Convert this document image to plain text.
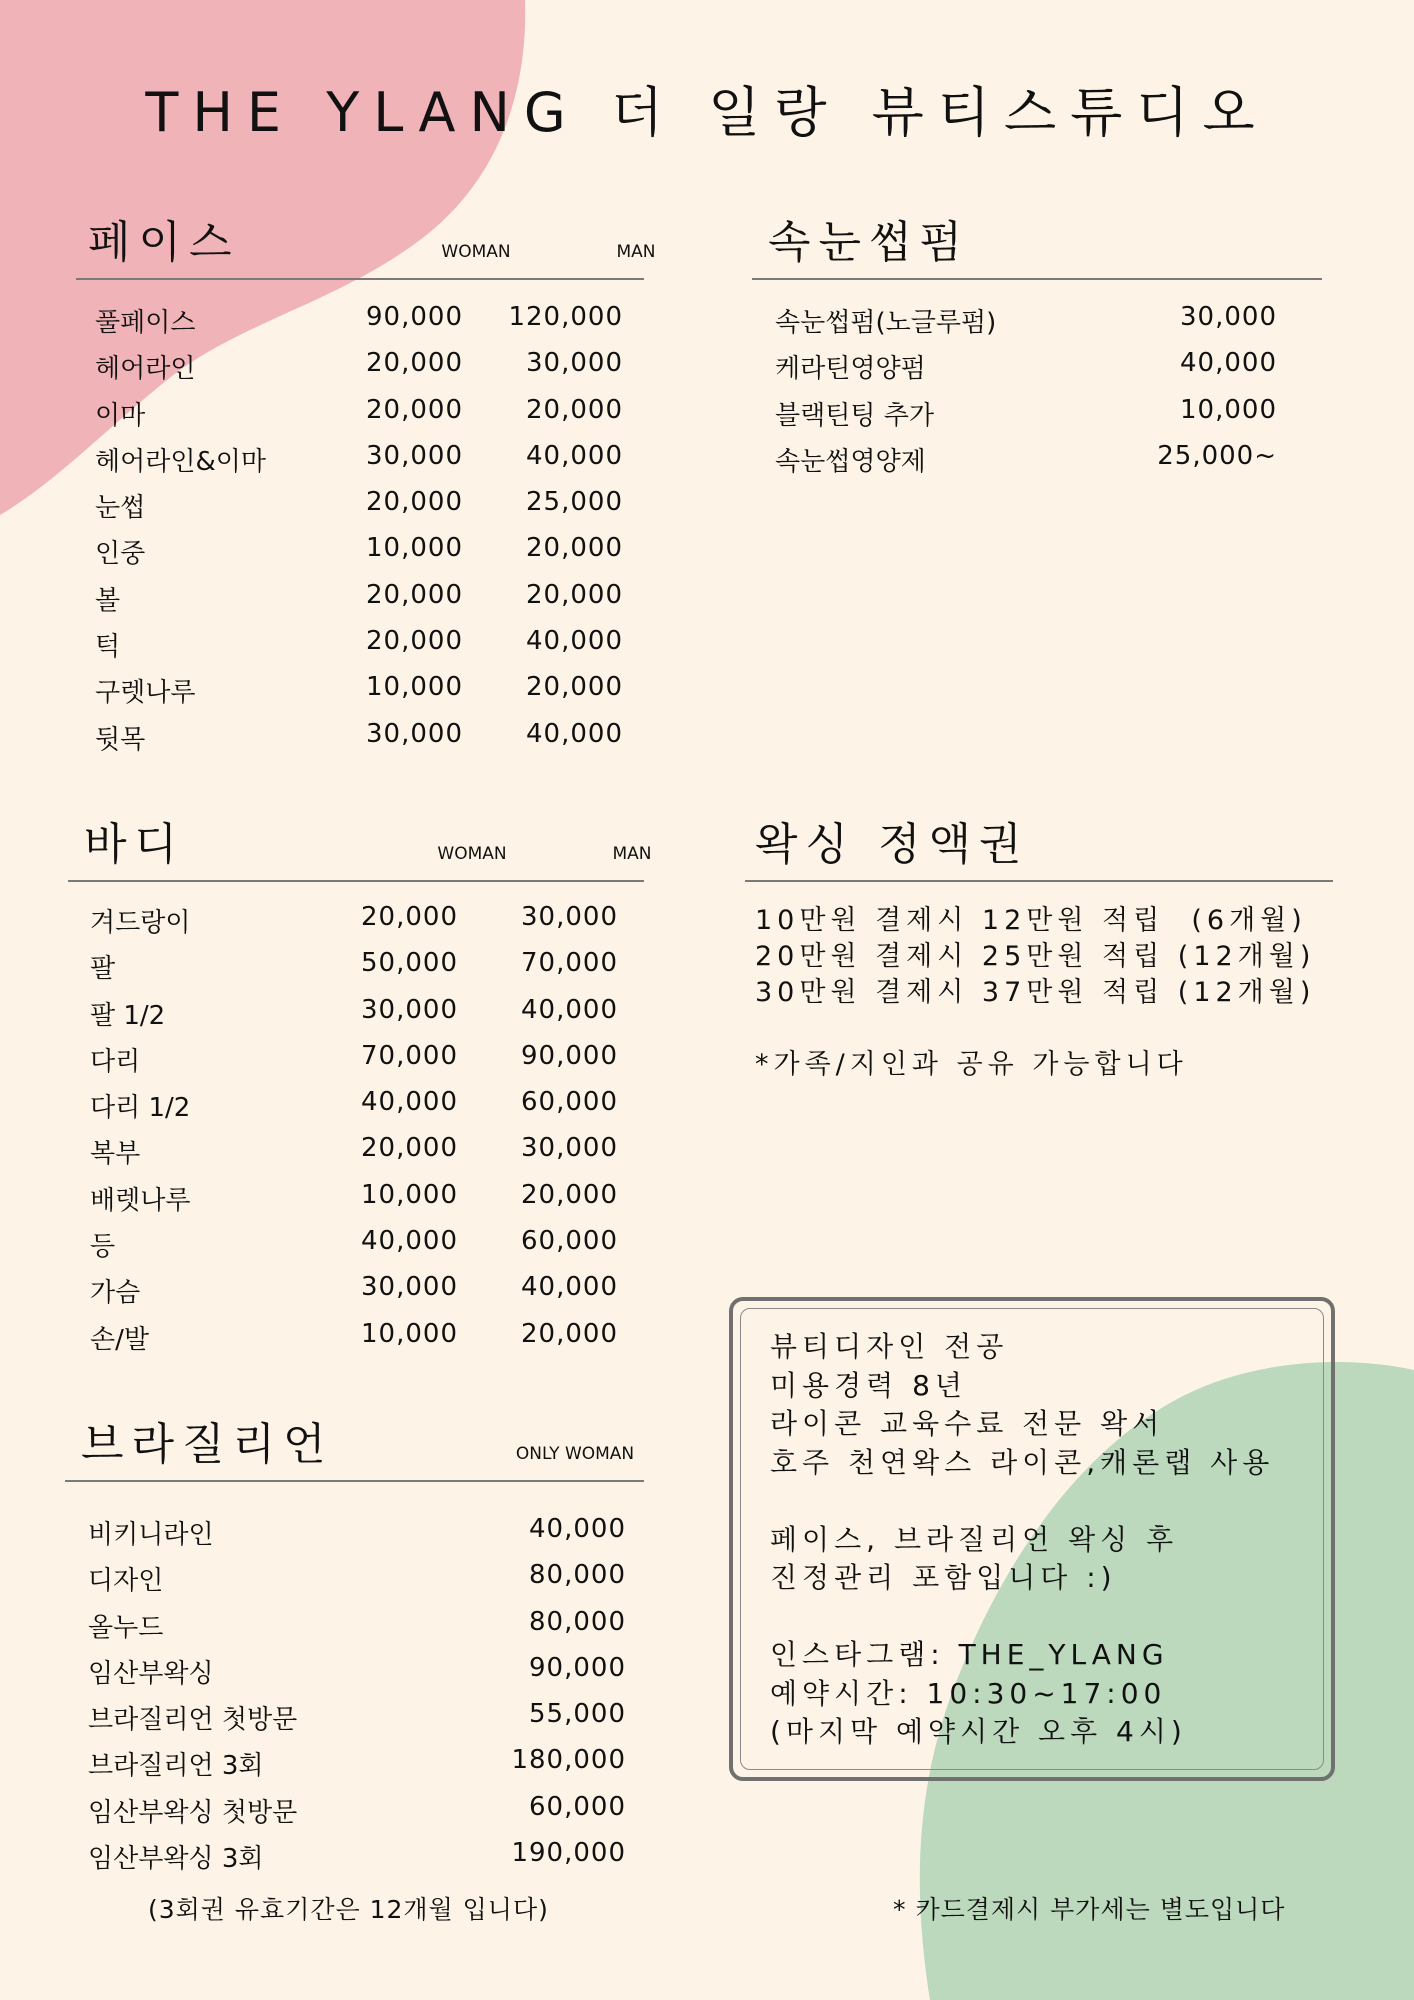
THE YLANG 더 일랑 뷰티스튜디오
페이스	WOMAN	MAN
풀페이스	90,000	120,000
헤어라인	20,000	30,000
이마	20,000	20,000
헤어라인&이마	30,000	40,000
눈썹	20,000	25,000
인중	10,000	20,000
볼	20,000	20,000
턱	20,000	40,000
구렛나루	10,000	20,000
뒷목	30,000	40,000
속눈썹펌
속눈썹펌(노글루펌)	30,000
케라틴영양펌	40,000
블랙틴팅 추가	10,000
속눈썹영양제	25,000~
바디	WOMAN	MAN
겨드랑이	20,000	30,000
팔	50,000	70,000
팔 1/2	30,000	40,000
다리	70,000	90,000
다리 1/2	40,000	60,000
복부	20,000	30,000
배렛나루	10,000	20,000
등	40,000	60,000
가슴	30,000	40,000
손/발	10,000	20,000
왁싱 정액권
10만원 결제시 12만원 적립  (6개월)
20만원 결제시 25만원 적립 (12개월)
30만원 결제시 37만원 적립 (12개월)
*가족/지인과 공유 가능합니다
브라질리언	ONLY WOMAN
비키니라인	40,000
디자인	80,000
올누드	80,000
임산부왁싱	90,000
브라질리언 첫방문	55,000
브라질리언 3회	180,000
임산부왁싱 첫방문	60,000
임산부왁싱 3회	190,000
(3회권 유효기간은 12개월 입니다)
뷰티디자인 전공
미용경력 8년
라이콘 교육수료 전문 왁서
호주 천연왁스 라이콘,캐론랩 사용
페이스, 브라질리언 왁싱 후
진정관리 포함입니다 :)
인스타그램: THE_YLANG
예약시간: 10:30~17:00
(마지막 예약시간 오후 4시)
* 카드결제시 부가세는 별도입니다
